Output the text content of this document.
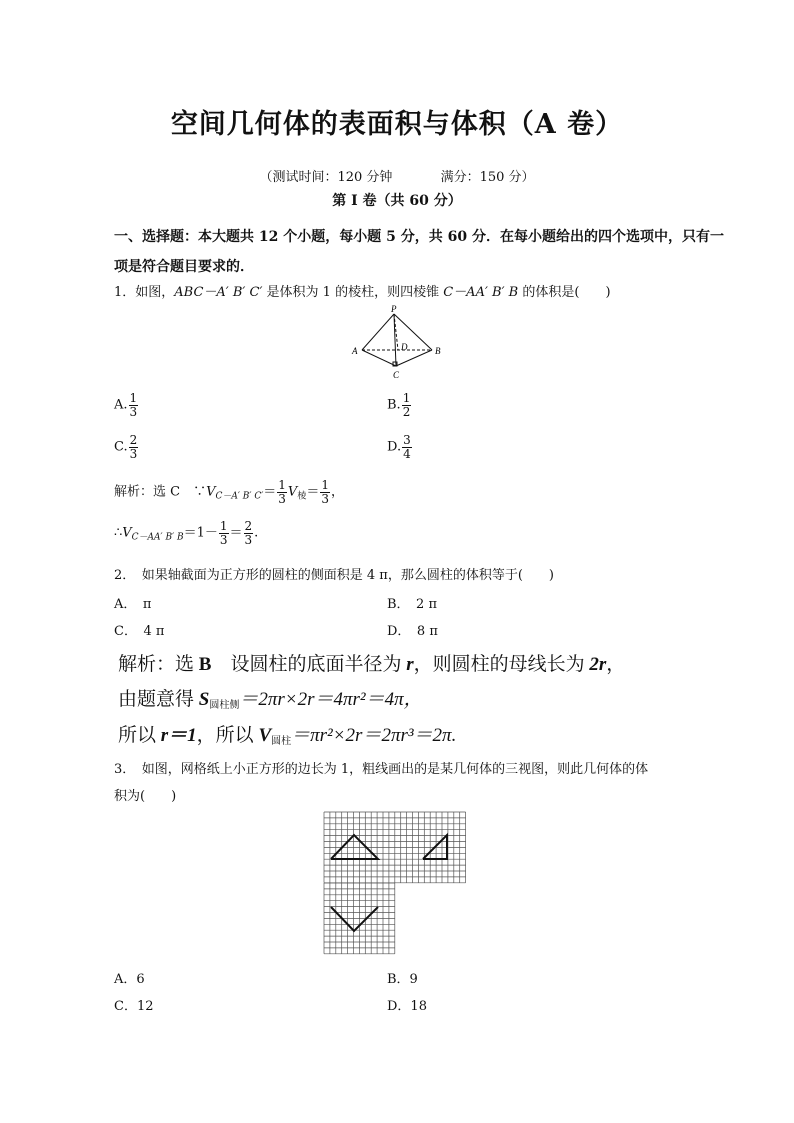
空间几何体的表面积与体积（A 卷）
（测试时间：120 分钟	满分：150 分）
第 I 卷（共 60 分）
一、选择题：本大题共 12 个小题，每小题 5 分，共 60 分．在每小题给出的四个选项中，只有一
项是符合题目要求的．
1．如图，ABC－A′ B′ C′ 是体积为 1 的棱柱，则四棱锥 C－AA′ B′ B 的体积是(　　)
P
A	B
C
D
A. $\frac{1}{3}$	B. $\frac{1}{2}$
C. $\frac{2}{3}$	D. $\frac{3}{4}$
解析：选 C　 $\because V_{C-A' B' C'}= \frac{1}{3} V_棱= \frac{1}{3}$ ，
$\therefore V_{C-AA' B' B}=1- \frac{1}{3} = \frac{2}{3}$ .
2．　如果轴截面为正方形的圆柱的侧面积是 4 π，那么圆柱的体积等于(　　)
A．　π	B．　2 π
C．　4 π	D．　8 π
解析：选 B　设圆柱的底面半径为 r，则圆柱的母线长为 2r，
由题意得 S圆柱侧＝2πr×2r＝4πr²＝4π，
所以 r＝1，所以 V圆柱＝πr²×2r＝2πr³＝2π.
3．　如图，网格纸上小正方形的边长为 1，粗线画出的是某几何体的三视图，则此几何体的体
积为(　　)
A．6	B．9
C．12	D．18
